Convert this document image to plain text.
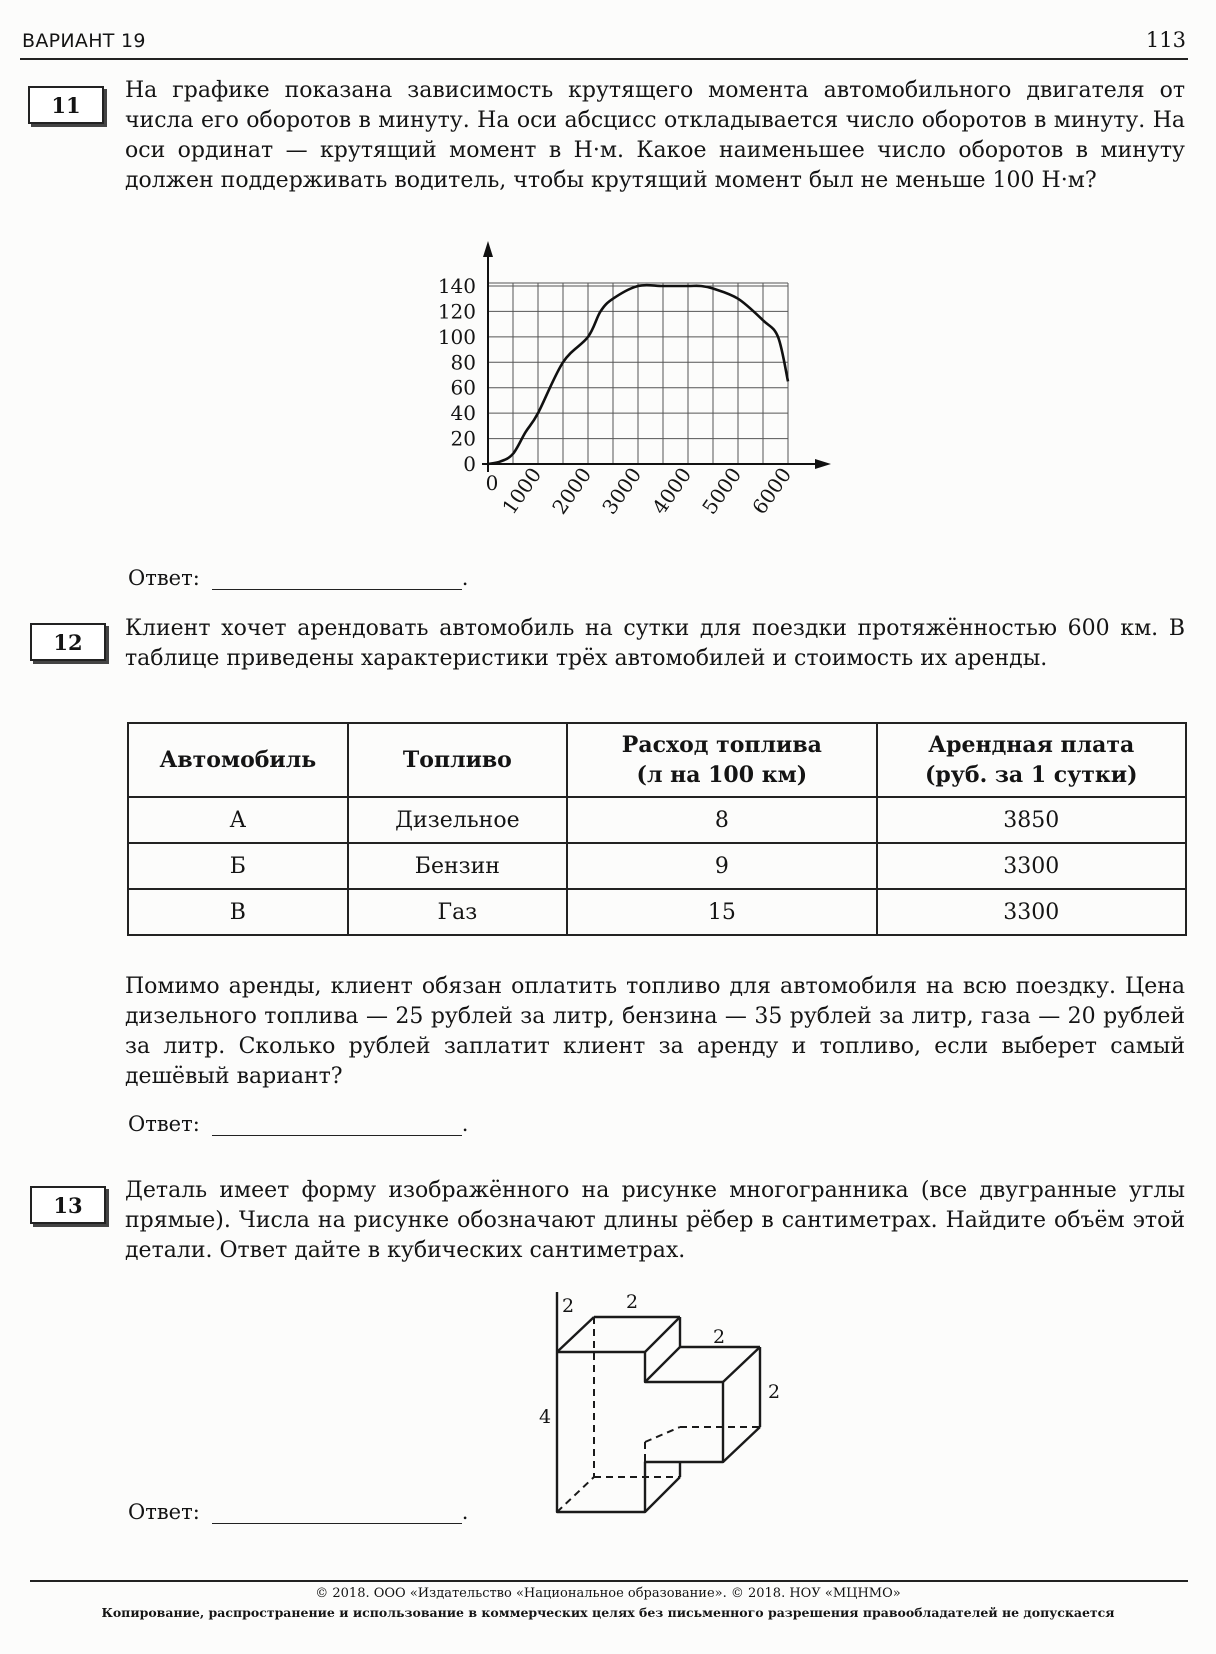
ВАРИАНТ 19	113
11

На графике показана зависимость крутящего момента автомобильного двигателя от числа его оборотов в минуту. На оси абсцисс откладывается число оборотов в минуту. На оси ординат — крутящий момент в Н·м. Какое наименьшее число оборотов в минуту должен поддерживать водитель, чтобы крутящий момент был не меньше 100 Н·м?

0
20
40
60
80
100
120
140
0
1000 2000 3000 4000 5000 6000
Ответ:	.
12

Клиент хочет арендовать автомобиль на сутки для поездки протяжённостью 600 км. В таблице приведены характеристики трёх автомобилей и стоимость их аренды.

Автомобиль	Топливо	Расход топлива (л на 100 км)	Арендная плата (руб. за 1 сутки)
А	Дизельное	8	3850
Б	Бензин	9	3300
В	Газ	15	3300

Помимо аренды, клиент обязан оплатить топливо для автомобиля на всю поездку. Цена дизельного топлива — 25 рублей за литр, бензина — 35 рублей за литр, газа — 20 рублей за литр. Сколько рублей заплатит клиент за аренду и топливо, если выберет самый дешёвый вариант?

Ответ:	.
13

Деталь имеет форму изображённого на рисунке многогранника (все двугранные углы прямые). Числа на рисунке обозначают длины рёбер в сантиметрах. Найдите объём этой детали. Ответ дайте в кубических сантиметрах.

2	2
2
2
4
Ответ:	.
© 2018. ООО «Издательство «Национальное образование». © 2018. НОУ «МЦНМО»
Копирование, распространение и использование в коммерческих целях без письменного разрешения правообладателей не допускается
